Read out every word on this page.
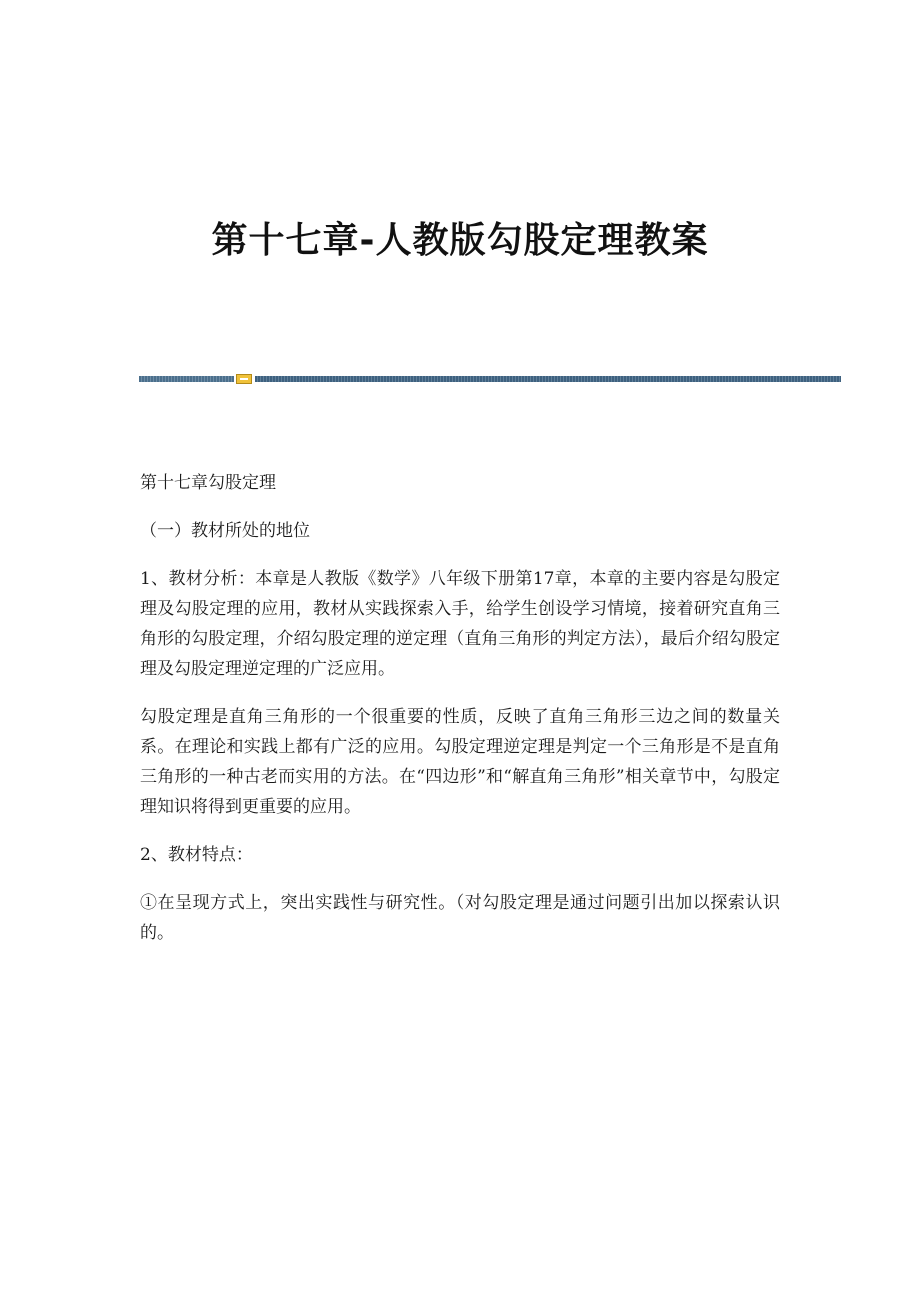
第十七章-人教版勾股定理教案

第十七章勾股定理

（一）教材所处的地位

1、教材分析：本章是人教版《数学》八年级下册第17章，本章的主要内容是勾股定理及勾股定理的应用，教材从实践探索入手，给学生创设学习情境，接着研究直角三角形的勾股定理，介绍勾股定理的逆定理（直角三角形的判定方法），最后介绍勾股定理及勾股定理逆定理的广泛应用。

勾股定理是直角三角形的一个很重要的性质，反映了直角三角形三边之间的数量关系。在理论和实践上都有广泛的应用。勾股定理逆定理是判定一个三角形是不是直角三角形的一种古老而实用的方法。在“四边形”和“解直角三角形”相关章节中，勾股定理知识将得到更重要的应用。

2、教材特点：

①在呈现方式上，突出实践性与研究性。（对勾股定理是通过问题引出加以探索认识的。
